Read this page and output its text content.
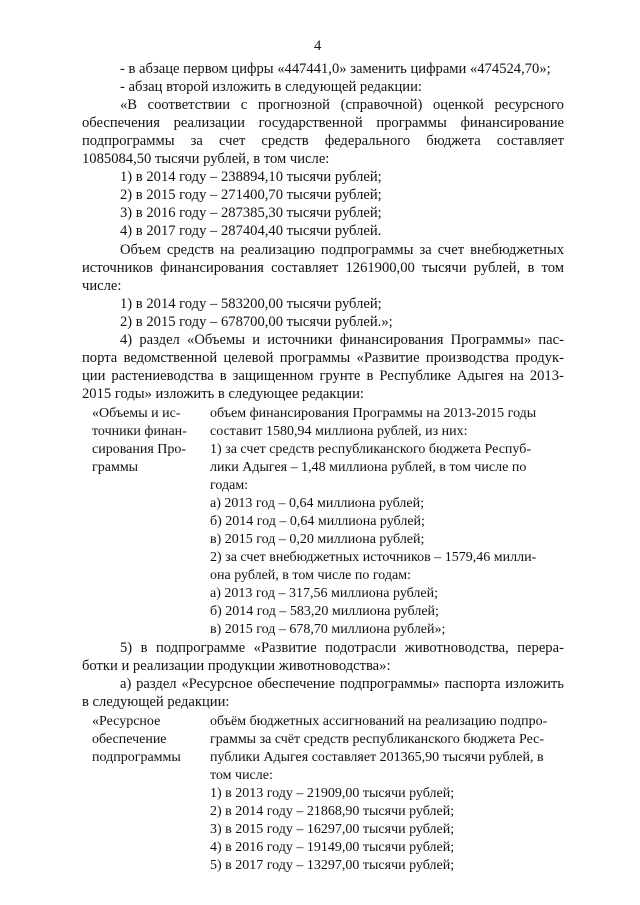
4
- в абзаце первом цифры «447441,0» заменить цифрами «474524,70»;
- абзац второй изложить в следующей редакции:
«В соответствии с прогнозной (справочной) оценкой ресурсного
обеспечения реализации государственной программы финансирование
подпрограммы за счет средств федерального бюджета составляет
1085084,50 тысячи рублей, в том числе:
1) в 2014 году – 238894,10 тысячи рублей;
2) в 2015 году – 271400,70 тысячи рублей;
3) в 2016 году – 287385,30 тысячи рублей;
4) в 2017 году – 287404,40 тысячи рублей.
Объем средств на реализацию подпрограммы за счет внебюджетных
источников финансирования составляет 1261900,00 тысячи рублей, в том
числе:
1) в 2014 году – 583200,00 тысячи рублей;
2) в 2015 году – 678700,00 тысячи рублей.»;
4) раздел «Объемы и источники финансирования Программы» пас-
порта ведомственной целевой программы «Развитие производства продук-
ции растениеводства в защищенном грунте в Республике Адыгея на 2013-
2015 годы» изложить в следующее редакции:
«Объемы и ис-
точники финан-
сирования Про-
граммы
объем финансирования Программы на 2013-2015 годы
составит 1580,94 миллиона рублей, из них:
1) за счет средств республиканского бюджета Респуб-
лики Адыгея – 1,48 миллиона рублей, в том числе по
годам:
а) 2013 год – 0,64 миллиона рублей;
б) 2014 год – 0,64 миллиона рублей;
в) 2015 год – 0,20 миллиона рублей;
2) за счет внебюджетных источников – 1579,46 милли-
она рублей, в том числе по годам:
а) 2013 год – 317,56 миллиона рублей;
б) 2014 год – 583,20 миллиона рублей;
в) 2015 год – 678,70 миллиона рублей»;
5) в подпрограмме «Развитие подотрасли животноводства, перера-
ботки и реализации продукции животноводства»:
а) раздел «Ресурсное обеспечение подпрограммы» паспорта изложить
в следующей редакции:
«Ресурсное
обеспечение
подпрограммы
объём бюджетных ассигнований на реализацию подпро-
граммы за счёт средств республиканского бюджета Рес-
публики Адыгея составляет 201365,90 тысячи рублей, в
том числе:
1) в 2013 году – 21909,00 тысячи рублей;
2) в 2014 году – 21868,90 тысячи рублей;
3) в 2015 году – 16297,00 тысячи рублей;
4) в 2016 году – 19149,00 тысячи рублей;
5) в 2017 году – 13297,00 тысячи рублей;
